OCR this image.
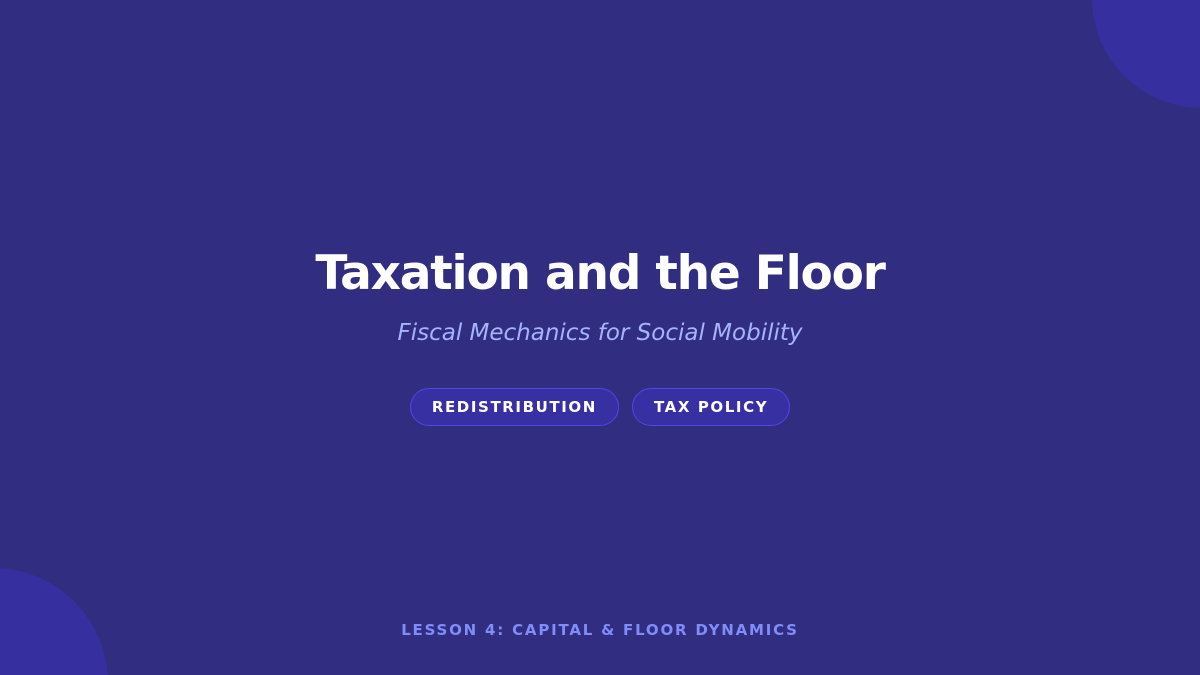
Taxation and the Floor

Fiscal Mechanics for Social Mobility

REDISTRIBUTION	TAX POLICY
LESSON 4: CAPITAL & FLOOR DYNAMICS
